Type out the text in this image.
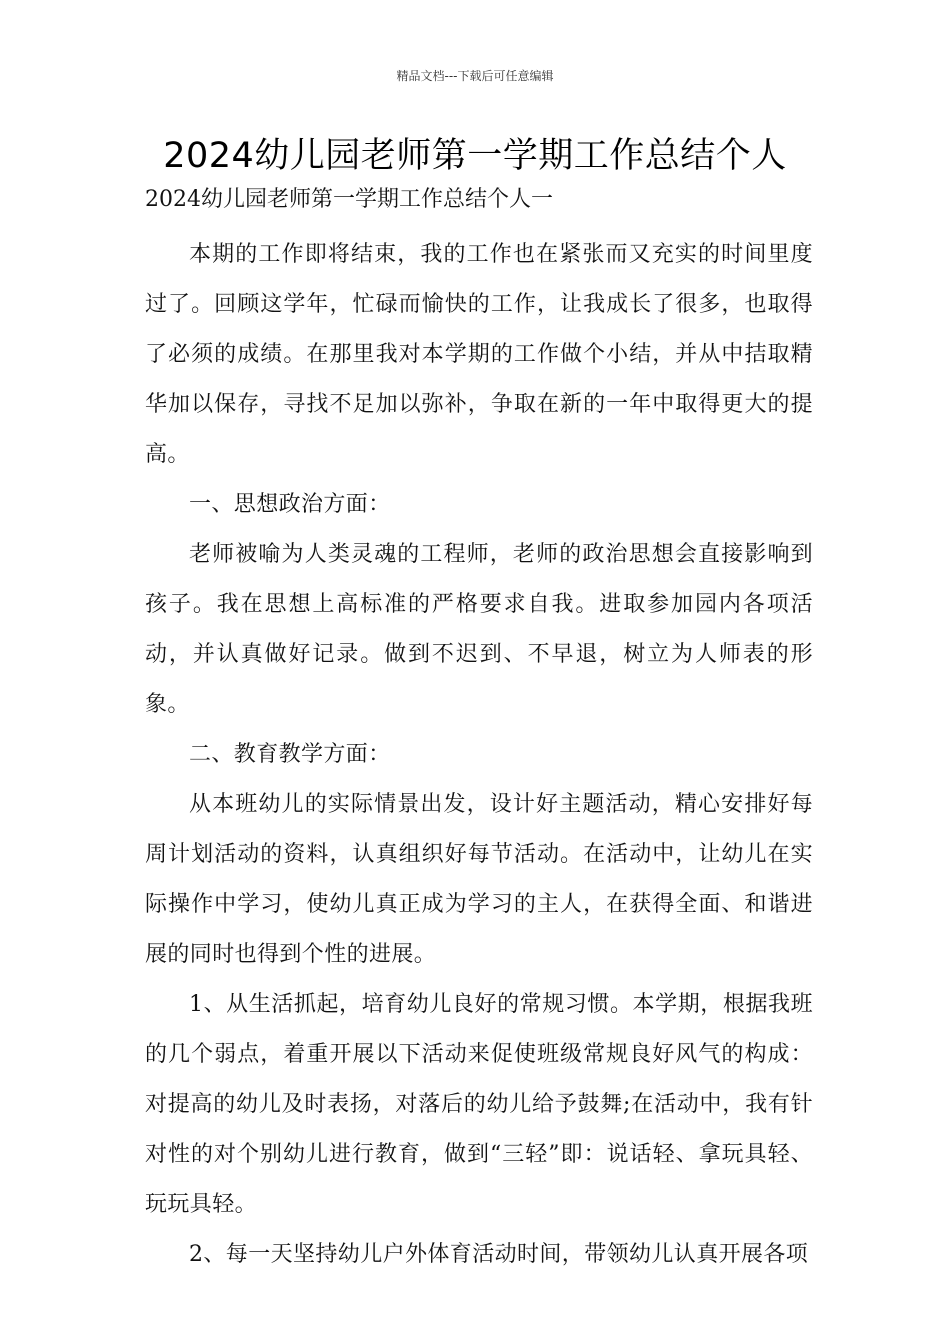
精品文档---下载后可任意编辑
2024幼儿园老师第一学期工作总结个人
2024幼儿园老师第一学期工作总结个人一

本期的工作即将结束，我的工作也在紧张而又充实的时间里度过了。回顾这学年，忙碌而愉快的工作，让我成长了很多，也取得了必须的成绩。在那里我对本学期的工作做个小结，并从中拮取精华加以保存，寻找不足加以弥补，争取在新的一年中取得更大的提高。

一、思想政治方面：

老师被喻为人类灵魂的工程师，老师的政治思想会直接影响到孩子。我在思想上高标准的严格要求自我。进取参加园内各项活动，并认真做好记录。做到不迟到、不早退，树立为人师表的形象。

二、教育教学方面：

从本班幼儿的实际情景出发，设计好主题活动，精心安排好每周计划活动的资料，认真组织好每节活动。在活动中，让幼儿在实际操作中学习，使幼儿真正成为学习的主人，在获得全面、和谐进展的同时也得到个性的进展。

1、从生活抓起，培育幼儿良好的常规习惯。本学期，根据我班的几个弱点，着重开展以下活动来促使班级常规良好风气的构成：对提高的幼儿及时表扬，对落后的幼儿给予鼓舞;在活动中，我有针对性的对个别幼儿进行教育，做到“三轻”即：说话轻、拿玩具轻、玩玩具轻。

2、每一天坚持幼儿户外体育活动时间，带领幼儿认真开展各项
